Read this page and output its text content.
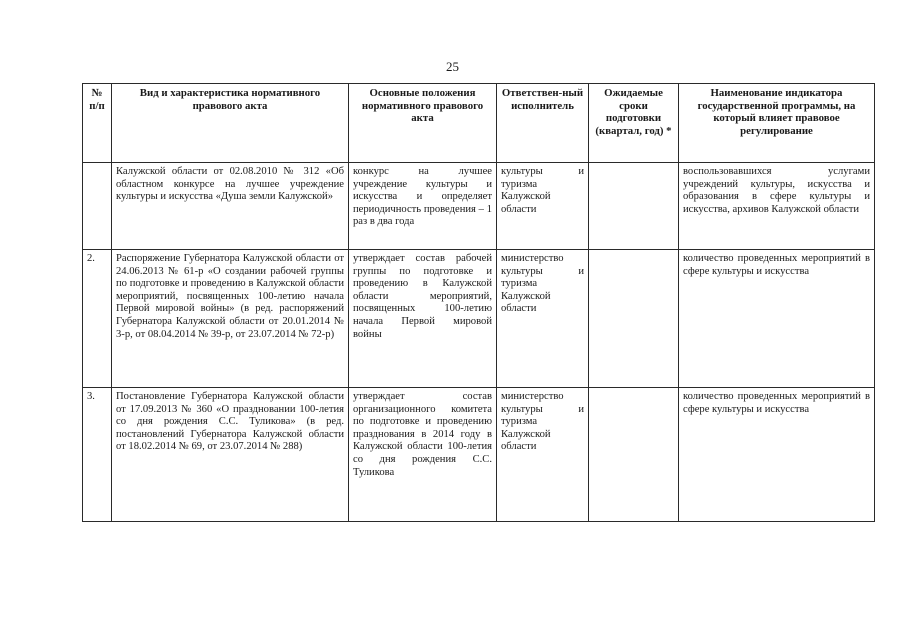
25
№ п/п	Вид и характеристика нормативного правового акта	Основные положения нормативного правового акта	Ответствен-ный исполнитель	Ожидаемые сроки подготовки (квартал, год) *	Наименование индикатора государственной программы, на который влияет правовое регулирование
	Калужской области от 02.08.2010 № 312 «Об областном конкурсе на лучшее учреждение культуры и искусства «Душа земли Калужской»	конкурс на лучшее учреждение культуры и искусства и определяет периодичность проведения – 1 раз в два года	культуры и туризма Калужской области		воспользовавшихся услугами учреждений культуры, искусства и образования в сфере культуры и искусства, архивов Калужской области
2.	Распоряжение Губернатора Калужской области от 24.06.2013 № 61-р «О создании рабочей группы по подготовке и проведению в Калужской области мероприятий, посвященных 100-летию начала Первой мировой войны» (в ред. распоряжений Губернатора Калужской области от 20.01.2014 № 3-р, от 08.04.2014 № 39-р, от 23.07.2014 № 72-р)	утверждает состав рабочей группы по подготовке и проведению в Калужской области мероприятий, посвященных 100-летию начала Первой мировой войны	министерство культуры и туризма Калужской области		количество проведенных мероприятий в сфере культуры и искусства
3.	Постановление Губернатора Калужской области от 17.09.2013 № 360 «О праздновании 100-летия со дня рождения С.С. Туликова» (в ред. постановлений Губернатора Калужской области от 18.02.2014 № 69, от 23.07.2014 № 288)	утверждает состав организационного комитета по подготовке и проведению празднования в 2014 году в Калужской области 100-летия со дня рождения С.С. Туликова	министерство культуры и туризма Калужской области		количество проведенных мероприятий в сфере культуры и искусства
